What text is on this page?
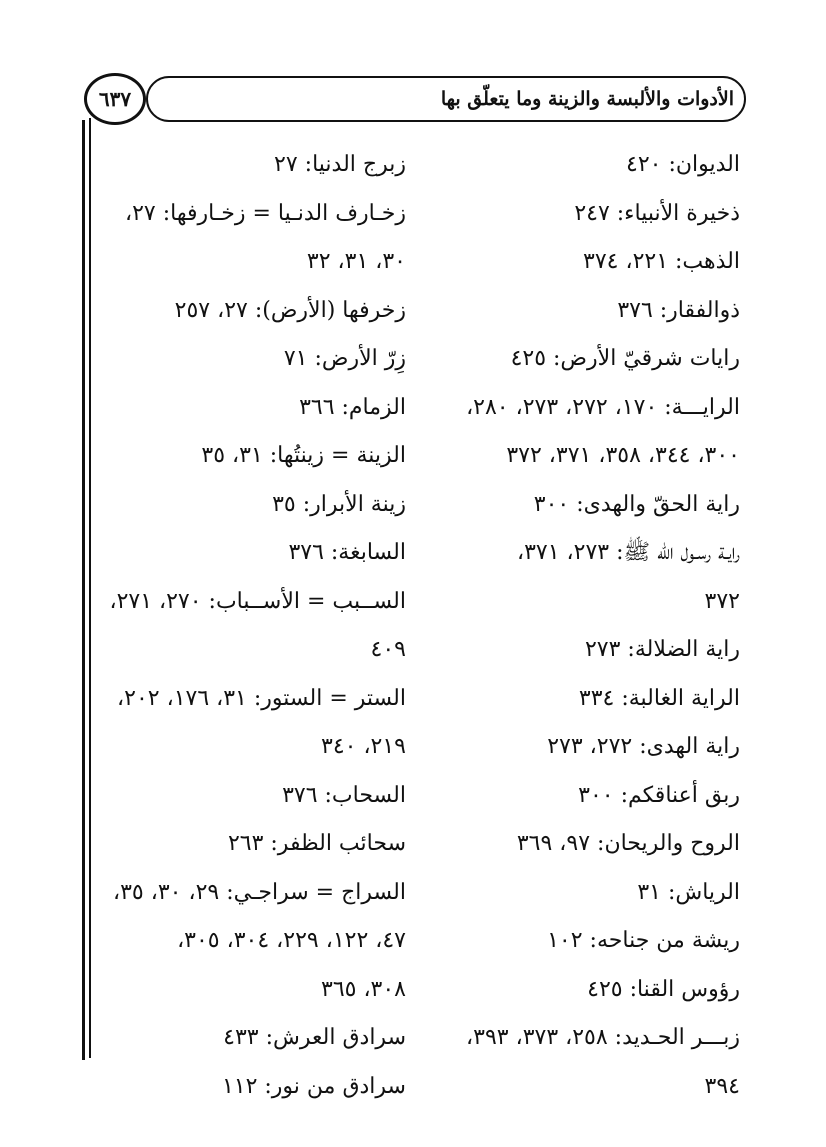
الأدوات والألبسة والزينة وما يتعلّق بها
٦٣٧
الديوان: ٤٢٠
ذخيرة الأنبياء: ٢٤٧
الذهب: ٢٢١، ٣٧٤
ذوالفقار: ٣٧٦
رايات شرقيّ الأرض: ٤٢٥
الرايـــة: ١٧٠، ٢٧٢، ٢٧٣، ٢٨٠،
٣٠٠، ٣٤٤، ٣٥٨، ٣٧١، ٣٧٢
راية الحقّ والهدى: ٣٠٠
رايـة رسـول الله ﷺ: ٢٧٣، ٣٧١،
٣٧٢
راية الضلالة: ٢٧٣
الراية الغالبة: ٣٣٤
راية الهدى: ٢٧٢، ٢٧٣
ربق أعناقكم: ٣٠٠
الروح والريحان: ٩٧، ٣٦٩
الرياش: ٣١
ريشة من جناحه: ١٠٢
رؤوس القنا: ٤٢٥
زبـــر الحـديد: ٢٥٨، ٣٧٣، ٣٩٣،
٣٩٤
زبرج الدنيا: ٢٧
زخـارف الدنـيا = زخـارفها: ٢٧،
٣٠، ٣١، ٣٢
زخرفها (الأرض): ٢٧، ٢٥٧
زِرّ الأرض: ٧١
الزمام: ٣٦٦
الزينة = زينتُها: ٣١، ٣٥
زينة الأبرار: ٣٥
السابغة: ٣٧٦
الســبب = الأســباب: ٢٧٠، ٢٧١،
٤٠٩
الستر = الستور: ٣١، ١٧٦، ٢٠٢،
٢١٩، ٣٤٠
السحاب: ٣٧٦
سحائب الظفر: ٢٦٣
السراج = سراجـي: ٢٩، ٣٠، ٣٥،
٤٧، ١٢٢، ٢٢٩، ٣٠٤، ٣٠٥،
٣٠٨، ٣٦٥
سرادق العرش: ٤٣٣
سرادق من نور: ١١٢
